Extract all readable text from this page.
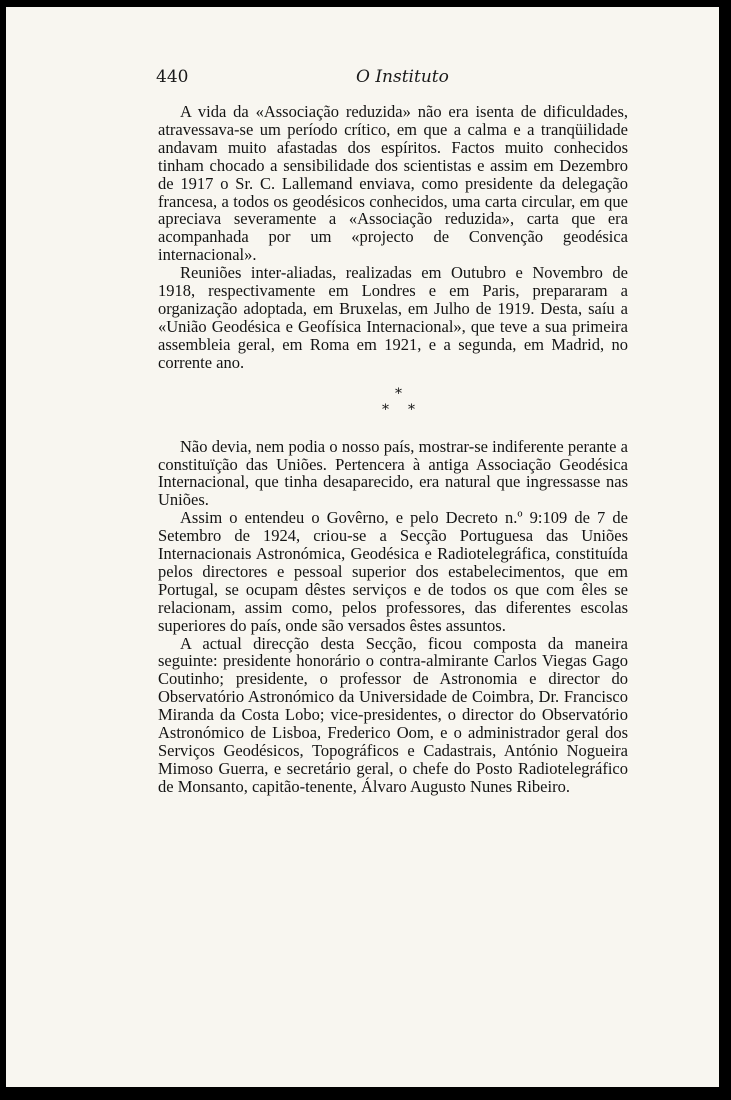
440	O Instituto

A vida da «Associação reduzida» não era isenta de dificuldades, atravessava-se um período crítico, em que a calma e a tranqüilidade andavam muito afastadas dos espíritos. Factos muito conhecidos tinham chocado a sensibilidade dos scientistas e assim em Dezembro de 1917 o Sr. C. Lallemand enviava, como presidente da delegação francesa, a todos os geodésicos conhecidos, uma carta circular, em que apreciava severamente a «Associação reduzida», carta que era acompanhada por um «projecto de Convenção geodésica internacional».

Reuniões inter-aliadas, realizadas em Outubro e Novembro de 1918, respectivamente em Londres e em Paris, prepararam a organização adoptada, em Bruxelas, em Julho de 1919. Desta, saíu a «União Geodésica e Geofísica Internacional», que teve a sua primeira assembleia geral, em Roma em 1921, e a segunda, em Madrid, no corrente ano.

*
* *

Não devia, nem podia o nosso país, mostrar-se indiferente perante a constituïção das Uniões. Pertencera à antiga Associação Geodésica Internacional, que tinha desaparecido, era natural que ingressasse nas Uniões.

Assim o entendeu o Govêrno, e pelo Decreto n.º 9:109 de 7 de Setembro de 1924, criou-se a Secção Portuguesa das Uniões Internacionais Astronómica, Geodésica e Radiotelegráfica, constituída pelos directores e pessoal superior dos estabelecimentos, que em Portugal, se ocupam dêstes serviços e de todos os que com êles se relacionam, assim como, pelos professores, das diferentes escolas superiores do país, onde são versados êstes assuntos.

A actual direcção desta Secção, ficou composta da maneira seguinte: presidente honorário o contra-almirante Carlos Viegas Gago Coutinho; presidente, o professor de Astronomia e director do Observatório Astronómico da Universidade de Coimbra, Dr. Francisco Miranda da Costa Lobo; vice-presidentes, o director do Observatório Astronómico de Lisboa, Frederico Oom, e o administrador geral dos Serviços Geodésicos, Topográficos e Cadastrais, António Nogueira Mimoso Guerra, e secretário geral, o chefe do Posto Radiotelegráfico de Monsanto, capitão-tenente, Álvaro Augusto Nunes Ribeiro.
